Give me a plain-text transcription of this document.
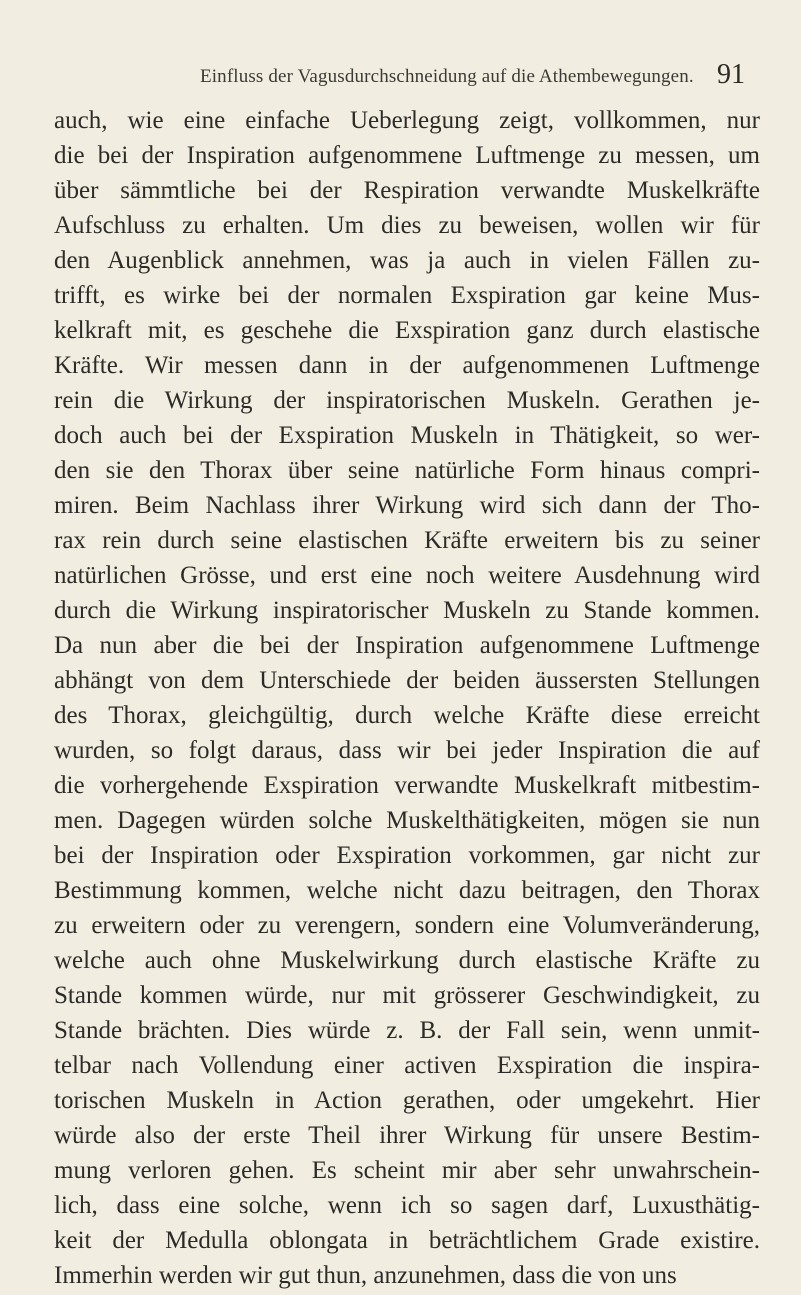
Einfluss der Vagusdurchschneidung auf die Athembewegungen. 91
auch, wie eine einfache Ueberlegung zeigt, vollkommen, nur
die bei der Inspiration aufgenommene Luftmenge zu messen, um
über sämmtliche bei der Respiration verwandte Muskelkräfte
Aufschluss zu erhalten. Um dies zu beweisen, wollen wir für
den Augenblick annehmen, was ja auch in vielen Fällen zu-
trifft, es wirke bei der normalen Exspiration gar keine Mus-
kelkraft mit, es geschehe die Exspiration ganz durch elastische
Kräfte. Wir messen dann in der aufgenommenen Luftmenge
rein die Wirkung der inspiratorischen Muskeln. Gerathen je-
doch auch bei der Exspiration Muskeln in Thätigkeit, so wer-
den sie den Thorax über seine natürliche Form hinaus compri-
miren. Beim Nachlass ihrer Wirkung wird sich dann der Tho-
rax rein durch seine elastischen Kräfte erweitern bis zu seiner
natürlichen Grösse, und erst eine noch weitere Ausdehnung wird
durch die Wirkung inspiratorischer Muskeln zu Stande kommen.
Da nun aber die bei der Inspiration aufgenommene Luftmenge
abhängt von dem Unterschiede der beiden äussersten Stellungen
des Thorax, gleichgültig, durch welche Kräfte diese erreicht
wurden, so folgt daraus, dass wir bei jeder Inspiration die auf
die vorhergehende Exspiration verwandte Muskelkraft mitbestim-
men. Dagegen würden solche Muskelthätigkeiten, mögen sie nun
bei der Inspiration oder Exspiration vorkommen, gar nicht zur
Bestimmung kommen, welche nicht dazu beitragen, den Thorax
zu erweitern oder zu verengern, sondern eine Volumveränderung,
welche auch ohne Muskelwirkung durch elastische Kräfte zu
Stande kommen würde, nur mit grösserer Geschwindigkeit, zu
Stande brächten. Dies würde z. B. der Fall sein, wenn unmit-
telbar nach Vollendung einer activen Exspiration die inspira-
torischen Muskeln in Action gerathen, oder umgekehrt. Hier
würde also der erste Theil ihrer Wirkung für unsere Bestim-
mung verloren gehen. Es scheint mir aber sehr unwahrschein-
lich, dass eine solche, wenn ich so sagen darf, Luxusthätig-
keit der Medulla oblongata in beträchtlichem Grade existire.
Immerhin werden wir gut thun, anzunehmen, dass die von uns
